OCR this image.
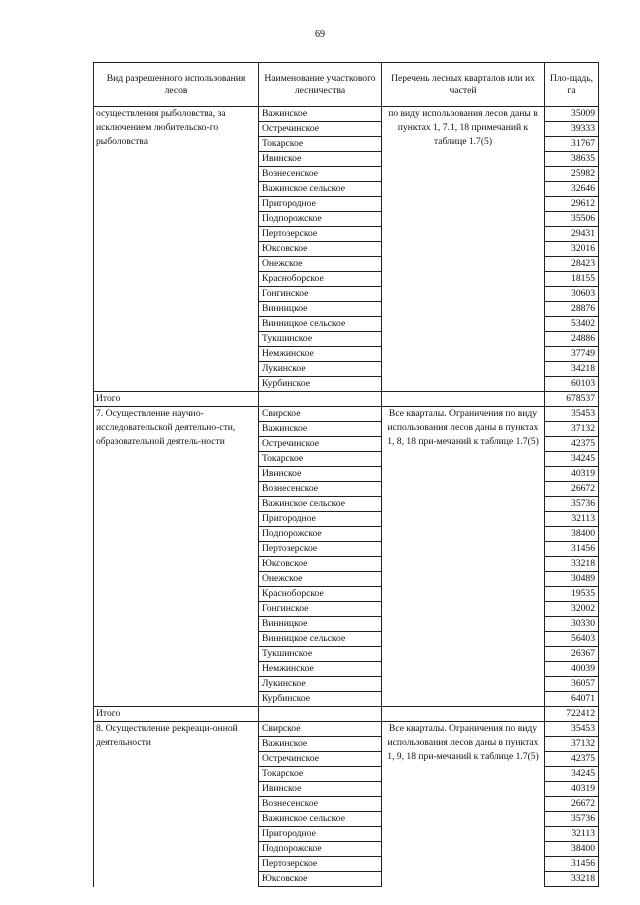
69
Вид разрешенного использования лесов	Наименование участкового лесничества	Перечень лесных кварталов или их частей	Пло-щадь, га
осуществления рыболовства, за исключением любительско-го рыболовства	Важинское	по виду использования лесов даны в пунктах 1, 7.1, 18 примечаний к таблице 1.7(5)	35009
	Остречинское		39333
	Токарское		31767
	Ивинское		38635
	Вознесенское		25982
	Важинское сельское		32646
	Пригородное		29612
	Подпорожское		35506
	Пертозерское		29431
	Юксовское		32016
	Онежское		28423
	Красноборское		18155
	Гонгинское		30603
	Винницкое		28876
	Винницкое сельское		53402
	Тукшинское		24886
	Немжинское		37749
	Лукинское		34218
	Курбинское		60103
Итого			678537
7. Осуществление научно-исследовательской деятельно-сти, образовательной деятель-ности	Свирское	Все кварталы. Ограничения по виду использования лесов даны в пунктах 1, 8, 18 при-мечаний к таблице 1.7(5)	35453
	Важинское		37132
	Остречинское		42375
	Токарское		34245
	Ивинское		40319
	Вознесенское		26672
	Важинское сельское		35736
	Пригородное		32113
	Подпорожское		38400
	Пертозерское		31456
	Юксовское		33218
	Онежское		30489
	Красноборское		19535
	Гонгинское		32002
	Винницкое		30330
	Винницкое сельское		56403
	Тукшинское		26367
	Немжинское		40039
	Лукинское		36057
	Курбинское		64071
Итого			722412
8. Осуществление рекреаци-онной деятельности	Свирское	Все кварталы. Ограничения по виду использования лесов даны в пунктах 1, 9, 18 при-мечаний к таблице 1.7(5)	35453
	Важинское		37132
	Остречинское		42375
	Токарское		34245
	Ивинское		40319
	Вознесенское		26672
	Важинское сельское		35736
	Пригородное		32113
	Подпорожское		38400
	Пертозерское		31456
	Юксовское		33218
